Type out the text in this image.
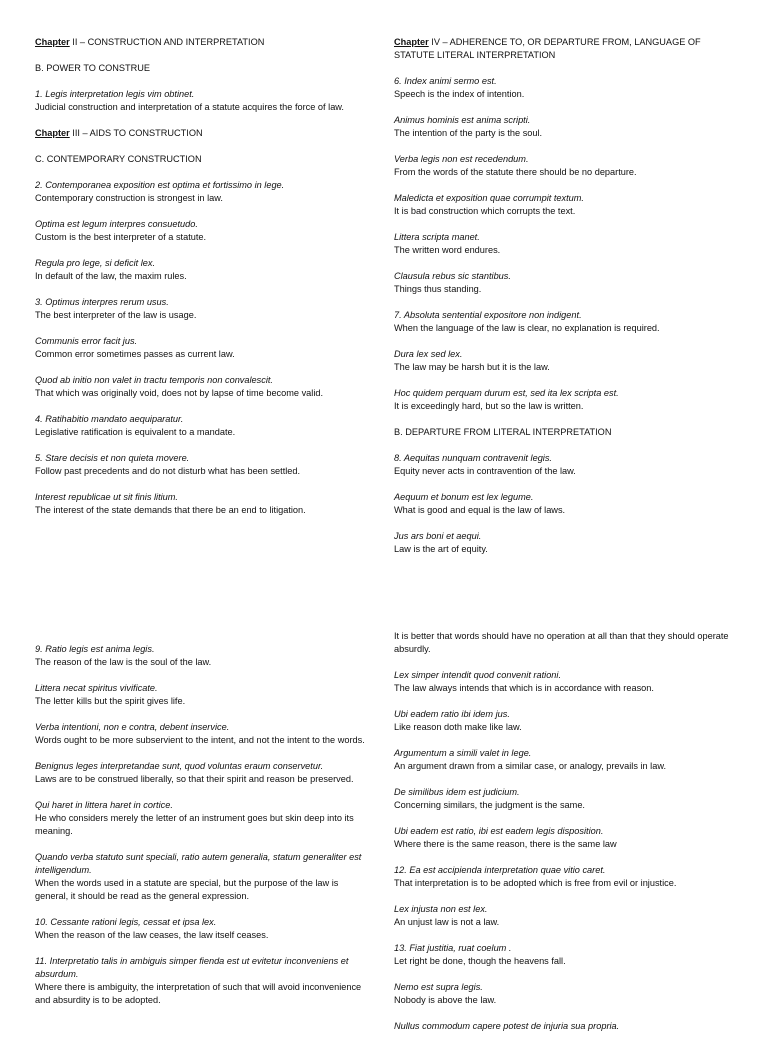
Chapter II – CONSTRUCTION AND INTERPRETATION
B. POWER TO CONSTRUE
1. Legis interpretation legis vim obtinet.
Judicial construction and interpretation of a statute acquires the force of law.
Chapter III – AIDS TO CONSTRUCTION
C. CONTEMPORARY CONSTRUCTION
2. Contemporanea exposition est optima et fortissimo in lege.
Contemporary construction is strongest in law.
Optima est legum interpres consuetudo.
Custom is the best interpreter of a statute.
Regula pro lege, si deficit lex.
In default of the law, the maxim rules.
3. Optimus interpres rerum usus.
The best interpreter of the law is usage.
Communis error facit jus.
Common error sometimes passes as current law.
Quod ab initio non valet in tractu temporis non convalescit.
That which was originally void, does not by lapse of time become valid.
4. Ratihabitio mandato aequiparatur.
Legislative ratification is equivalent to a mandate.
5. Stare decisis et non quieta movere.
Follow past precedents and do not disturb what has been settled.
Interest republicae ut sit finis litium.
The interest of the state demands that there be an end to litigation.
Chapter IV – ADHERENCE TO, OR DEPARTURE FROM, LANGUAGE OF STATUTE LITERAL INTERPRETATION
6. Index animi sermo est.
Speech is the index of intention.
Animus hominis est anima scripti.
The intention of the party is the soul.
Verba legis non est recedendum.
From the words of the statute there should be no departure.
Maledicta et exposition quae corrumpit textum.
It is bad construction which corrupts the text.
Littera scripta manet.
The written word endures.
Clausula rebus sic stantibus.
Things thus standing.
7. Absoluta sentential expositore non indigent.
When the language of the law is clear, no explanation is required.
Dura lex sed lex.
The law may be harsh but it is the law.
Hoc quidem perquam durum est, sed ita lex scripta est.
It is exceedingly hard, but so the law is written.
B. DEPARTURE FROM LITERAL INTERPRETATION
8. Aequitas nunquam contravenit legis.
Equity never acts in contravention of the law.
Aequum et bonum est lex legume.
What is good and equal is the law of laws.
Jus ars boni et aequi.
Law is the art of equity.
9. Ratio legis est anima legis.
The reason of the law is the soul of the law.
Littera necat spiritus vivificate.
The letter kills but the spirit gives life.
Verba intentioni, non e contra, debent inservice.
Words ought to be more subservient to the intent, and not the intent to the words.
Benignus leges interpretandae sunt, quod voluntas eraum conservetur.
Laws are to be construed liberally, so that their spirit and reason be preserved.
Qui haret in littera haret in cortice.
He who considers merely the letter of an instrument goes but skin deep into its meaning.
Quando verba statuto sunt speciali, ratio autem generalia, statum generaliter est intelligendum.
When the words used in a statute are special, but the purpose of the law is general, it should be read as the general expression.
10. Cessante rationi legis, cessat et ipsa lex.
When the reason of the law ceases, the law itself ceases.
11. Interpretatio talis in ambiguis simper fienda est ut evitetur inconveniens et absurdum.
Where there is ambiguity, the interpretation of such that will avoid inconvenience and absurdity is to be adopted.
It is better that words should have no operation at all than that they should operate absurdly.
Lex simper intendit quod convenit rationi.
The law always intends that which is in accordance with reason.
Ubi eadem ratio ibi idem jus.
Like reason doth make like law.
Argumentum a simili valet in lege.
An argument drawn from a similar case, or analogy, prevails in law.
De similibus idem est judicium.
Concerning similars, the judgment is the same.
Ubi eadem est ratio, ibi est eadem legis disposition.
Where there is the same reason, there is the same law
12. Ea est accipienda interpretation quae vitio caret.
That interpretation is to be adopted which is free from evil or injustice.
Lex injusta non est lex.
An unjust law is not a law.
13. Fiat justitia, ruat coelum .
Let right be done, though the heavens fall.
Nemo est supra legis.
Nobody is above the law.
Nullus commodum capere potest de injuria sua propria.
